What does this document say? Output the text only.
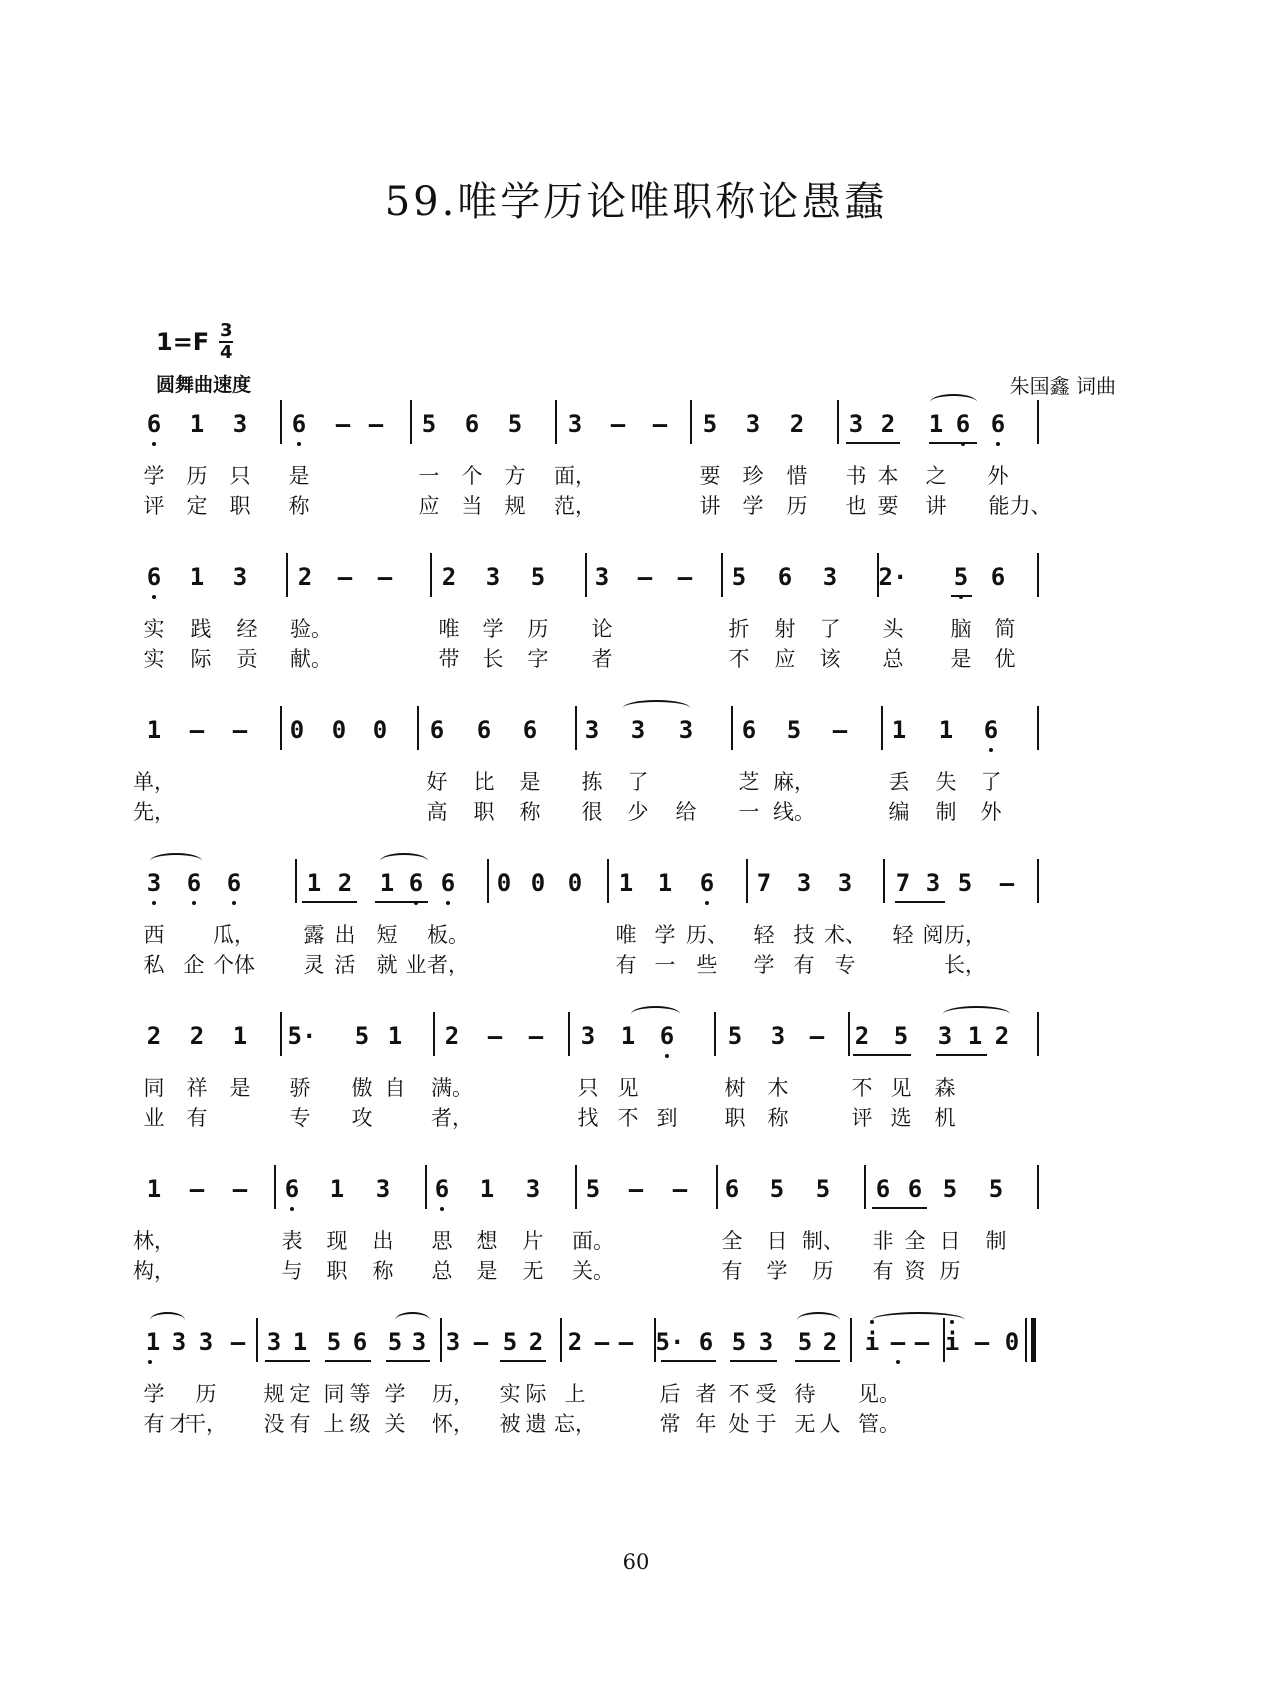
59.唯学历论唯职称论愚蠢
1=F 3
4
圆舞曲速度	朱国鑫 词曲
6 1 3 6 – – 5 6 5 3 – – 5 3 2 3 2 1 6 6
学 历 只 是	一 个 方 面，	要 珍 惜 书 本 之 外
评 定 职 称	应 当 规 范，	讲 学 历 也 要 讲 能力、
6 1 3 2 – – 2 3 5 3 – – 5 6 3 2· 5 6
实 践 经 验。	唯 学 历 论	折 射 了 头 脑 简
实 际 贡 献。	带 长 字 者	不 应 该 总 是 优
1 – – 0 0 0 6 6 6 3 3 3 6 5 – 1 1 6
单，	好 比 是 拣 了	芝 麻，	丢 失 了
先，	高 职 称 很 少 给 一 线。	编 制 外
3 6 6	1 2 1 6 6 0 0 0 1 1 6 7 3 3 7 3 5 –
西 瓜， 露 出 短 板。	唯 学 历、 轻 技 术、 轻 阅 历，
私 企 个体 灵 活 就 业 者，	有 一 些 学 有 专	长，
2 2 1 5· 5 1 2 – – 3 1 6 5 3 – 2 5 3 1 2
同 祥 是 骄 傲 自 满。	只 见	树 木	不 见 森
业 有	专 攻	者，	找 不 到 职 称	评 选 机
1 – – 6 1 3 6 1 3 5 – – 6 5 5 6 6 5 5
林，	表 现 出 思 想 片 面。	全 日 制、 非 全 日 制
构，	与 职 称 总 是 无 关。	有 学 历 有 资 历
1 3 3 – 3 1 5 6 5 3 3 – 5 2 2 – – 5· 6 5 3 5 2 i – – i – 0
学 历 规 定 同 等 学 历， 实 际 上	后 者 不 受 待 见。
有 才
干， 没 有 上 级 关 怀， 被 遗 忘，	常 年 处 于 无 人 管。
60
